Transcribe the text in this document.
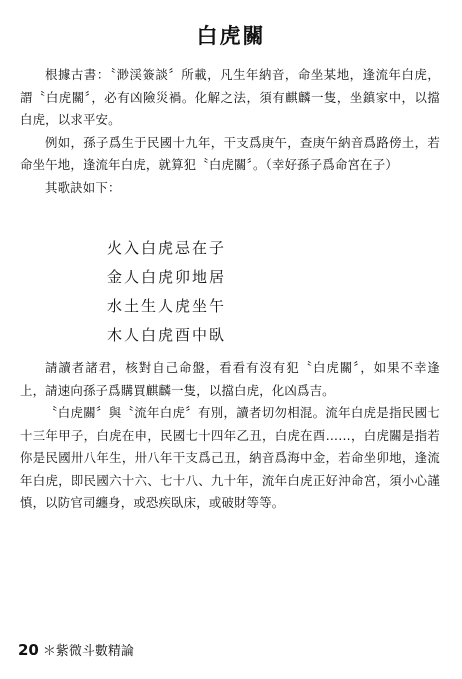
白虎關

根據古書：〝渺渓簽談〞所載，凡生年納音，命坐某地，逢流年白虎，謂〝白虎關〞，必有凶險災禍。化解之法，須有麒麟一隻，坐鎮家中，以擋白虎，以求平安。

例如，孫子爲生于民國十九年，干支爲庚午，查庚午納音爲路傍土，若命坐午地，逢流年白虎，就算犯〝白虎關〞。（幸好孫子爲命宮在子）

其歌訣如下：

火入白虎忌在子
金人白虎卯地居
水土生人虎坐午
木人白虎酉中臥

請讀者諸君，核對自己命盤，看看有沒有犯〝白虎關〞，如果不幸逢上，請速向孫子爲購買麒麟一隻，以擋白虎，化凶爲吉。

〝白虎關〞與〝流年白虎〞有別，讀者切勿相混。流年白虎是指民國七十三年甲子，白虎在申，民國七十四年乙丑，白虎在酉……，白虎關是指若你是民國卅八年生，卅八年干支爲己丑，納音爲海中金，若命坐卯地，逢流年白虎，即民國六十六、七十八、九十年，流年白虎正好沖命宮，須小心謹慎，以防官司纏身，或恐疾臥床，或破財等等。

20 ＊紫微斗數精論
